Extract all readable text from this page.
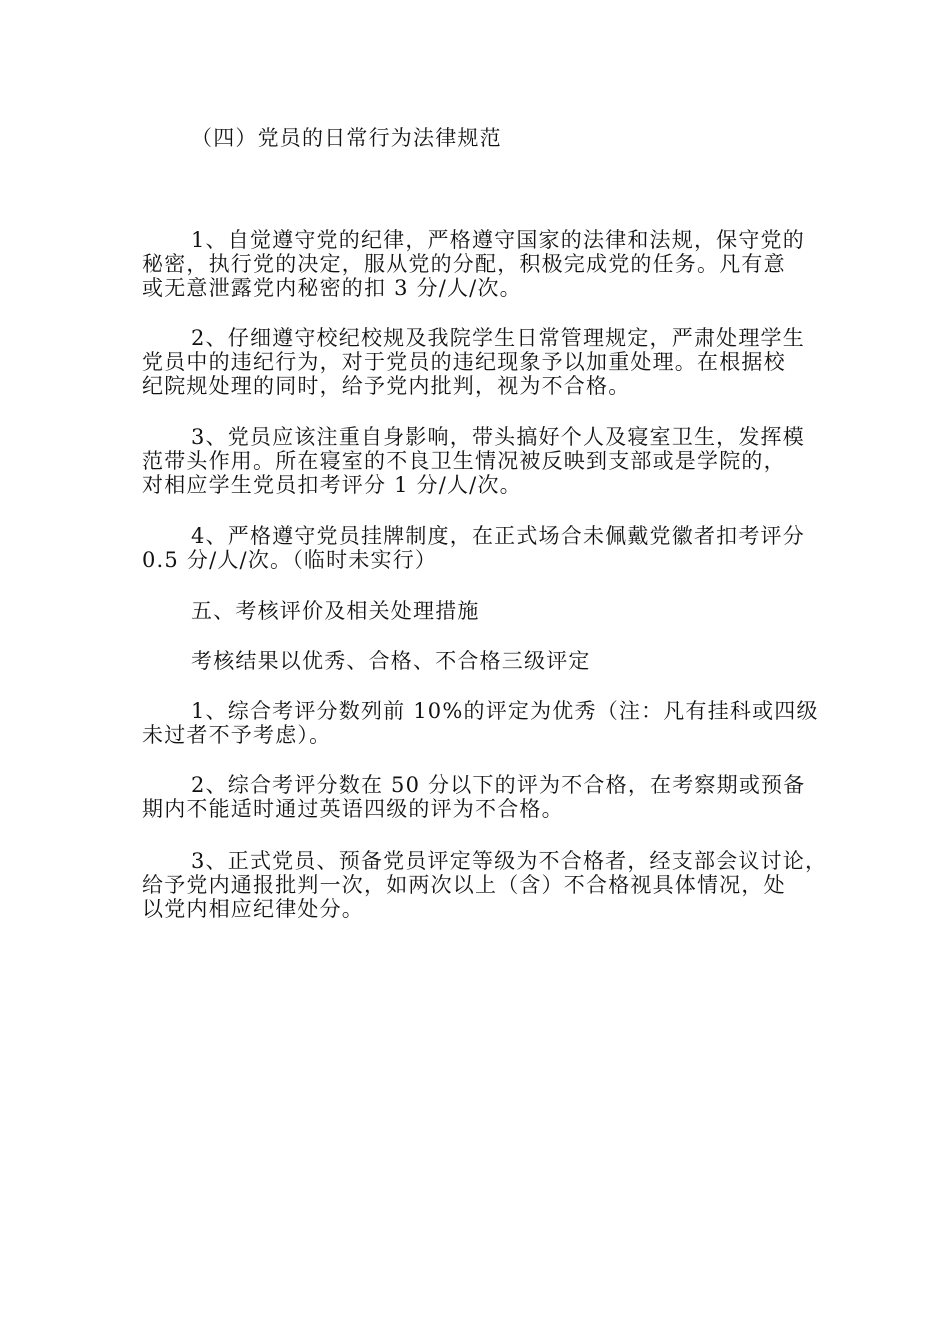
（四）党员的日常行为法律规范
1、自觉遵守党的纪律，严格遵守国家的法律和法规，保守党的
秘密，执行党的决定，服从党的分配，积极完成党的任务。凡有意
或无意泄露党内秘密的扣 3 分/人/次。
2、仔细遵守校纪校规及我院学生日常管理规定，严肃处理学生
党员中的违纪行为，对于党员的违纪现象予以加重处理。在根据校
纪院规处理的同时，给予党内批判，视为不合格。
3、党员应该注重自身影响，带头搞好个人及寝室卫生，发挥模
范带头作用。所在寝室的不良卫生情况被反映到支部或是学院的，
对相应学生党员扣考评分 1 分/人/次。
4、严格遵守党员挂牌制度，在正式场合未佩戴党徽者扣考评分
0.5 分/人/次。（临时未实行）
五、考核评价及相关处理措施
考核结果以优秀、合格、不合格三级评定
1、综合考评分数列前 10%的评定为优秀（注：凡有挂科或四级
未过者不予考虑）。
2、综合考评分数在 50 分以下的评为不合格，在考察期或预备
期内不能适时通过英语四级的评为不合格。
3、正式党员、预备党员评定等级为不合格者，经支部会议讨论，
给予党内通报批判一次，如两次以上（含）不合格视具体情况，处
以党内相应纪律处分。
